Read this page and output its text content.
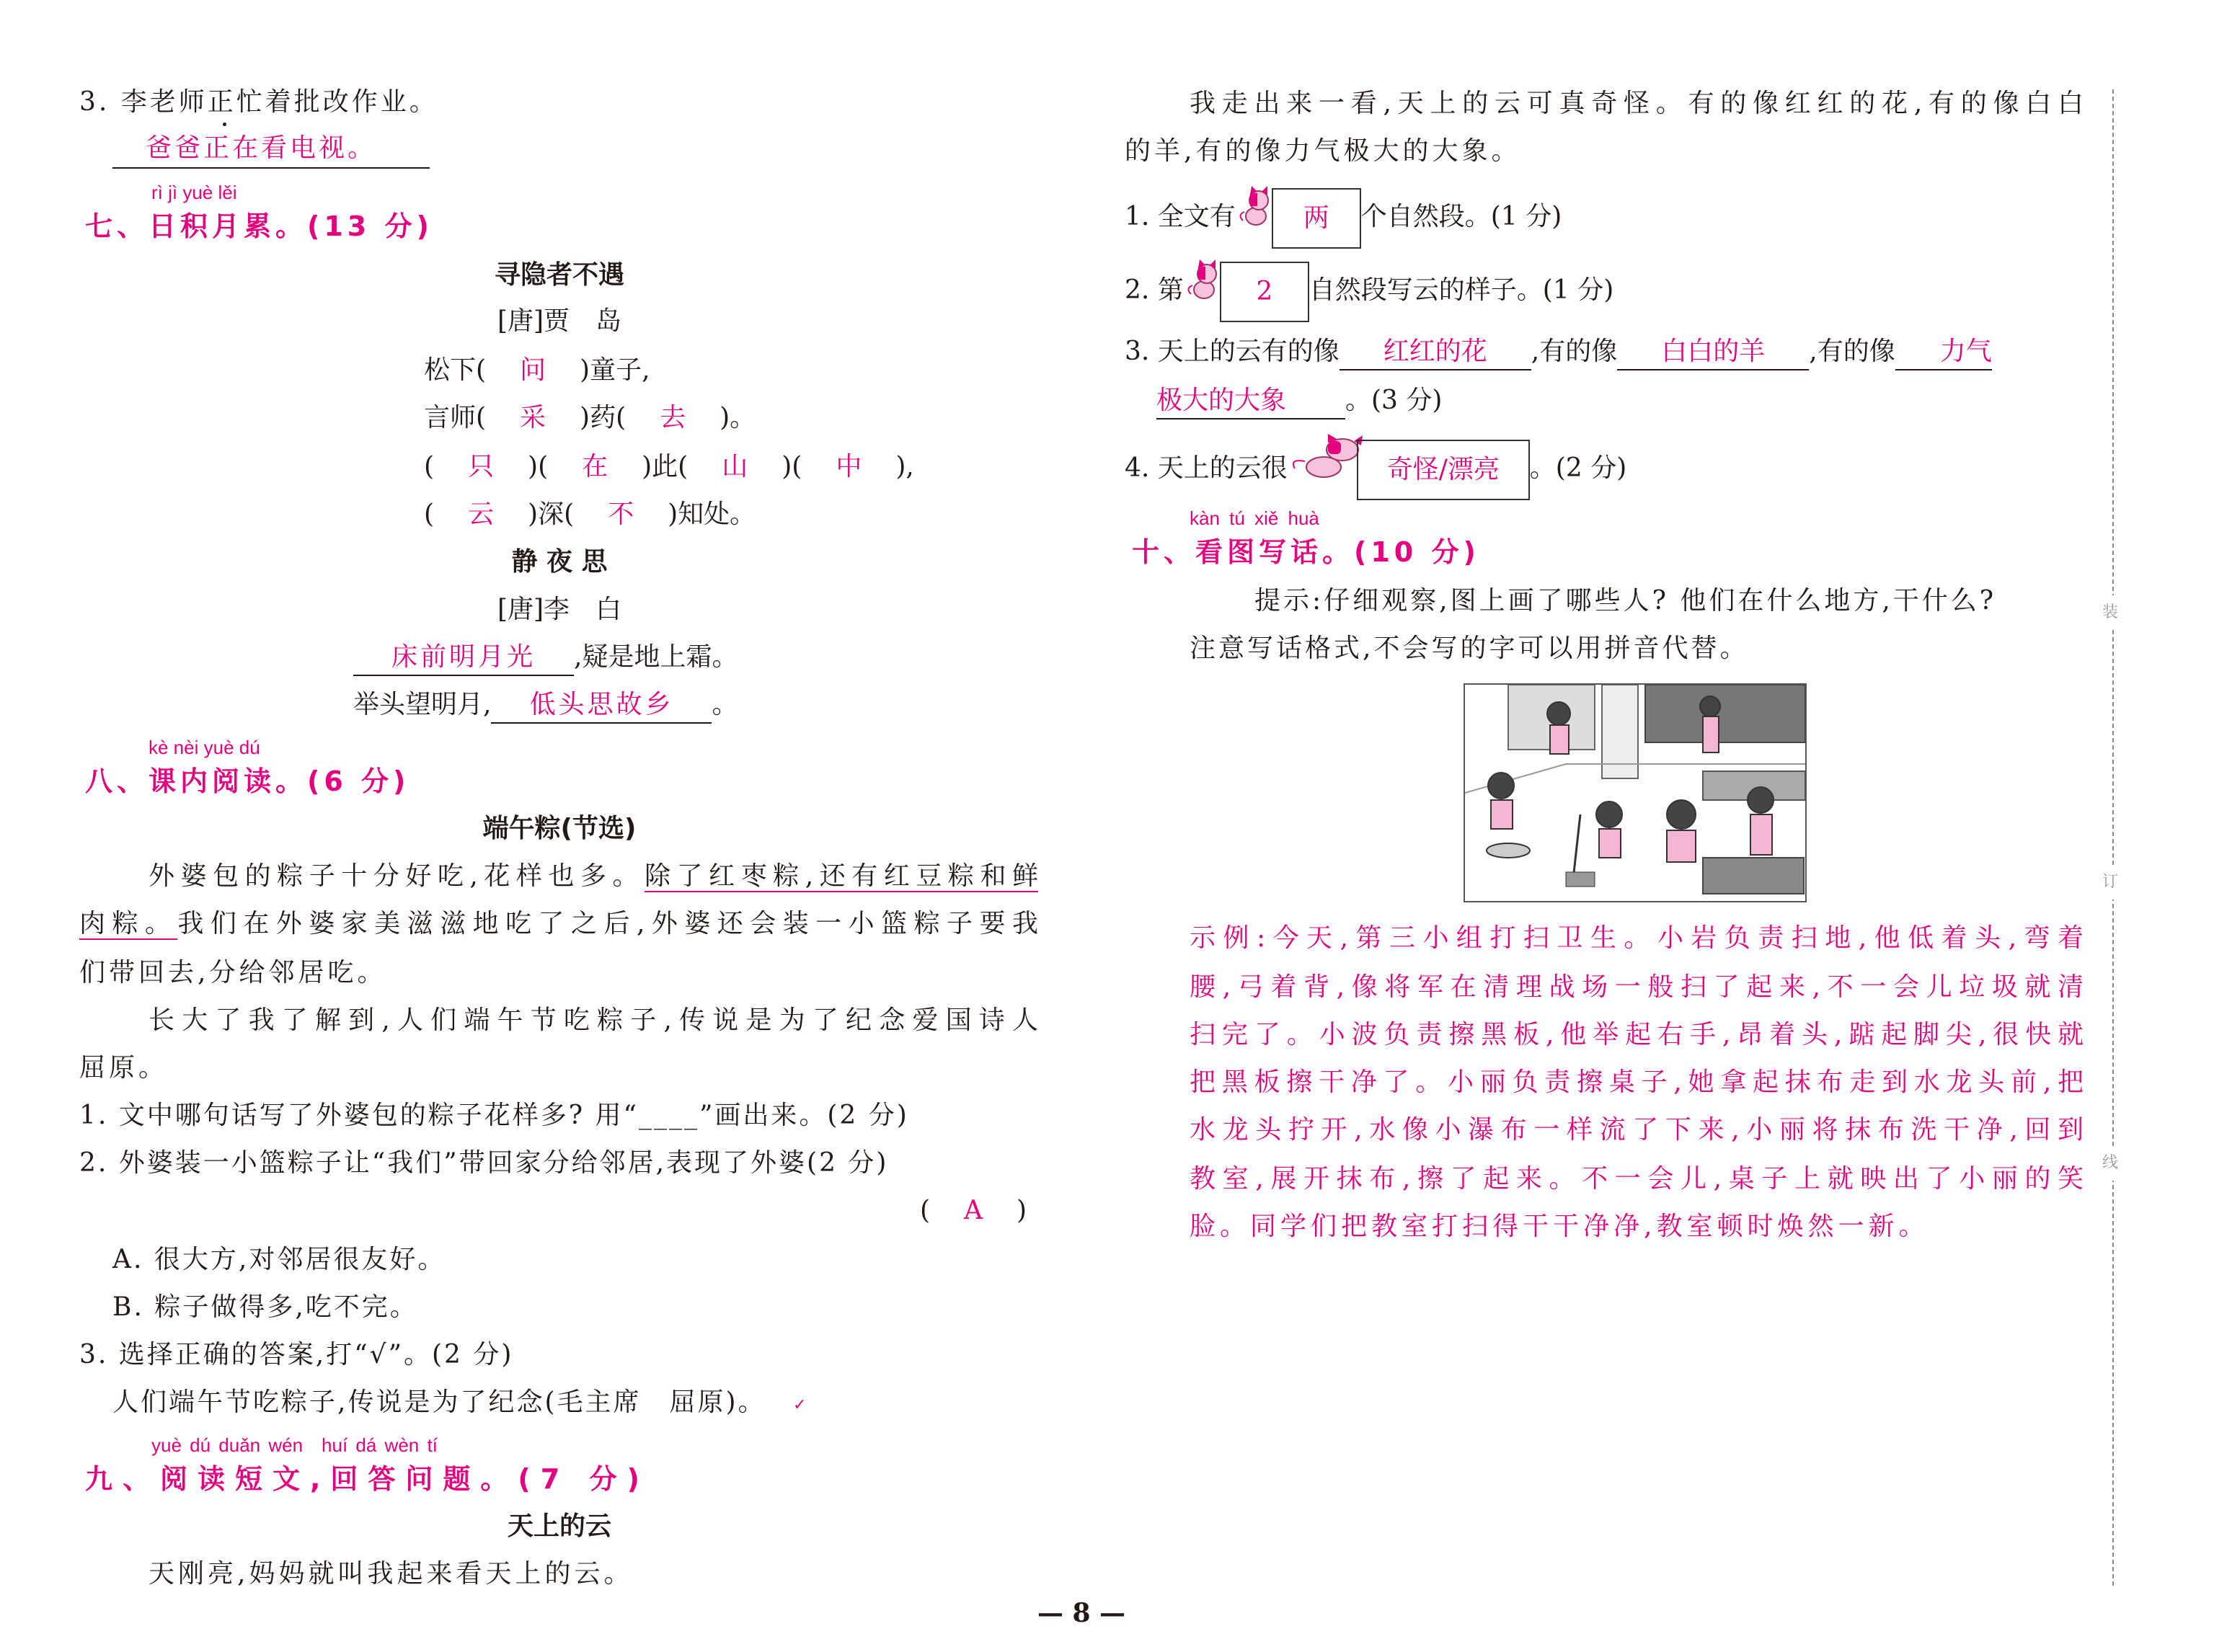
3. 李老师正忙着批改作业。
爸爸正在看电视。
rì jì yuè lěi
七、日积月累。(13 分)
寻隐者不遇
[唐]贾　岛
松下( 问 )童子,
言师( 采 )药( 去 )。
( 只 )( 在 )此( 山 )( 中 ),
( 云 )深( 不 )知处。
静 夜 思
[唐]李　白
床前明月光 ,疑是地上霜。
举头望明月, 低头思故乡 。
kè nèi yuè dú
八、课内阅读。(6 分)
端午粽(节选)
外婆包的粽子十分好吃,花样也多。除了红枣粽,还有红豆粽和鲜
肉粽。我们在外婆家美滋滋地吃了之后,外婆还会装一小篮粽子要我
们带回去,分给邻居吃。
长大了我了解到,人们端午节吃粽子,传说是为了纪念爱国诗人
屈原。
1. 文中哪句话写了外婆包的粽子花样多? 用“____”画出来。(2 分)
2. 外婆装一小篮粽子让“我们”带回家分给邻居,表现了外婆(2 分)
( A )
A. 很大方,对邻居很友好。
B. 粽子做得多,吃不完。
3. 选择正确的答案,打“√”。(2 分)
人们端午节吃粽子,传说是为了纪念(毛主席　屈原)。 ✓
yuè dú duǎn wén　huí dá wèn tí
九、阅读短文,回答问题。(7 分)
天上的云
天刚亮,妈妈就叫我起来看天上的云。
— 8 —
我走出来一看,天上的云可真奇怪。有的像红红的花,有的像白白
的羊,有的像力气极大的大象。
1. 全文有	两 个自然段。(1 分)
2. 第	2 自然段写云的样子。(1 分)
3. 天上的云有的像 红红的花 ,有的像 白白的羊 ,有的像 力气
极大的大象 。(3 分)
4. 天上的云很	奇怪/漂亮 。(2 分)
kàn tú xiě huà
十、看图写话。(10 分)
提示:仔细观察,图上画了哪些人? 他们在什么地方,干什么?
注意写话格式,不会写的字可以用拼音代替。
示例:今天,第三小组打扫卫生。小岩负责扫地,他低着头,弯着
腰,弓着背,像将军在清理战场一般扫了起来,不一会儿垃圾就清
扫完了。小波负责擦黑板,他举起右手,昂着头,踮起脚尖,很快就
把黑板擦干净了。小丽负责擦桌子,她拿起抹布走到水龙头前,把
水龙头拧开,水像小瀑布一样流了下来,小丽将抹布洗干净,回到
教室,展开抹布,擦了起来。不一会儿,桌子上就映出了小丽的笑
脸。同学们把教室打扫得干干净净,教室顿时焕然一新。
装
订
线
